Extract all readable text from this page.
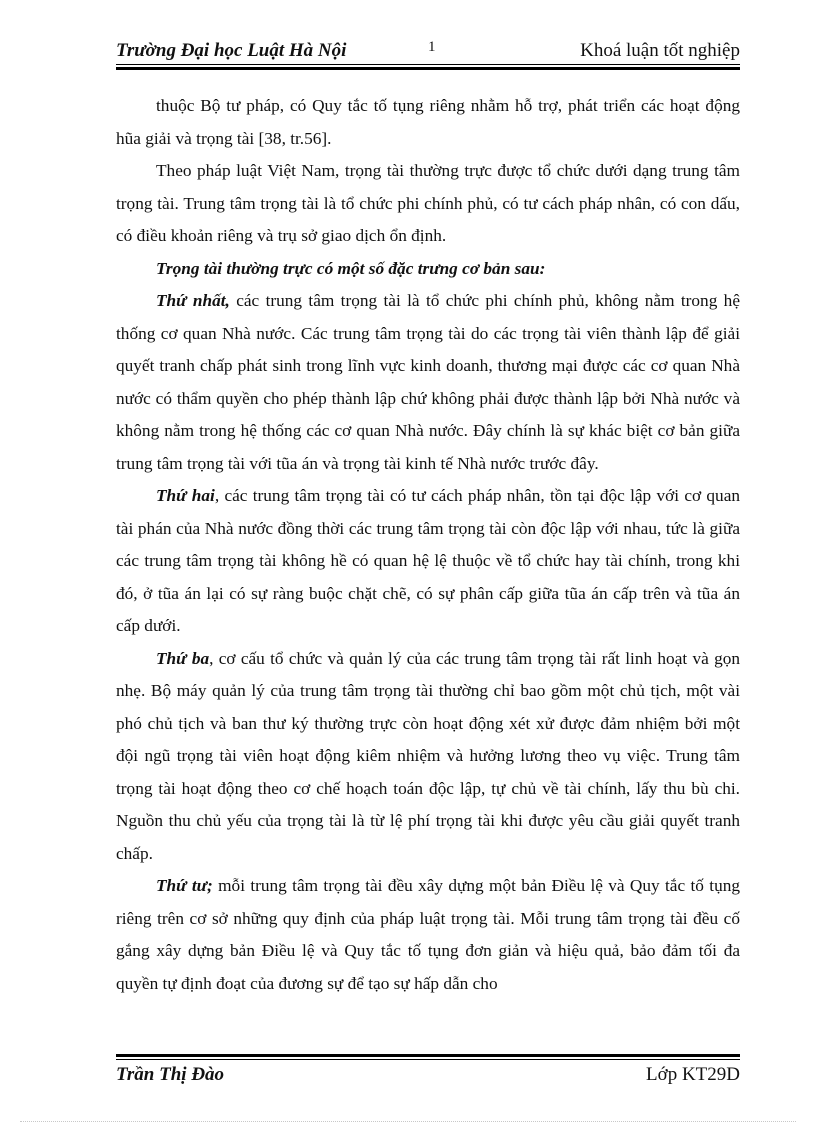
Trường Đại học Luật Hà Nội	1	Khoá luận tốt nghiệp

thuộc Bộ tư pháp, có Quy tắc tố tụng riêng nhằm hỗ trợ, phát triển các hoạt động hũa giải và trọng tài [38, tr.56].

Theo pháp luật Việt Nam, trọng tài thường trực được tổ chức dưới dạng trung tâm trọng tài. Trung tâm trọng tài là tổ chức phi chính phủ, có tư cách pháp nhân, có con dấu, có điều khoản riêng và trụ sở giao dịch ổn định.

Trọng tài thường trực có một số đặc trưng cơ bản sau:

Thứ nhất, các trung tâm trọng tài là tổ chức phi chính phủ, không nằm trong hệ thống cơ quan Nhà nước. Các trung tâm trọng tài do các trọng tài viên thành lập để giải quyết tranh chấp phát sinh trong lĩnh vực kinh doanh, thương mại được các cơ quan Nhà nước có thẩm quyền cho phép thành lập chứ không phải được thành lập bởi Nhà nước và không nằm trong hệ thống các cơ quan Nhà nước. Đây chính là sự khác biệt cơ bản giữa trung tâm trọng tài với tũa án và trọng tài kinh tế Nhà nước trước đây.

Thứ hai, các trung tâm trọng tài có tư cách pháp nhân, tồn tại độc lập với cơ quan tài phán của Nhà nước đồng thời các trung tâm trọng tài còn độc lập với nhau, tức là giữa các trung tâm trọng tài không hề có quan hệ lệ thuộc về tổ chức hay tài chính, trong khi đó, ở tũa án lại có sự ràng buộc chặt chẽ, có sự phân cấp giữa tũa án cấp trên và tũa án cấp dưới.

Thứ ba, cơ cấu tổ chức và quản lý của các trung tâm trọng tài rất linh hoạt và gọn nhẹ. Bộ máy quản lý của trung tâm trọng tài thường chỉ bao gồm một chủ tịch, một vài phó chủ tịch và ban thư ký thường trực còn hoạt động xét xử được đảm nhiệm bởi một đội ngũ trọng tài viên hoạt động kiêm nhiệm và hưởng lương theo vụ việc. Trung tâm trọng tài hoạt động theo cơ chế hoạch toán độc lập, tự chủ về tài chính, lấy thu bù chi. Nguồn thu chủ yếu của trọng tài là từ lệ phí trọng tài khi được yêu cầu giải quyết tranh chấp.

Thứ tư; mỗi trung tâm trọng tài đều xây dựng một bản Điều lệ và Quy tắc tố tụng riêng trên cơ sở những quy định của pháp luật trọng tài. Mỗi trung tâm trọng tài đều cố gắng xây dựng bản Điều lệ và Quy tắc tố tụng đơn giản và hiệu quả, bảo đảm tối đa quyền tự định đoạt của đương sự để tạo sự hấp dẫn cho

Trần Thị Đào	Lớp KT29D
